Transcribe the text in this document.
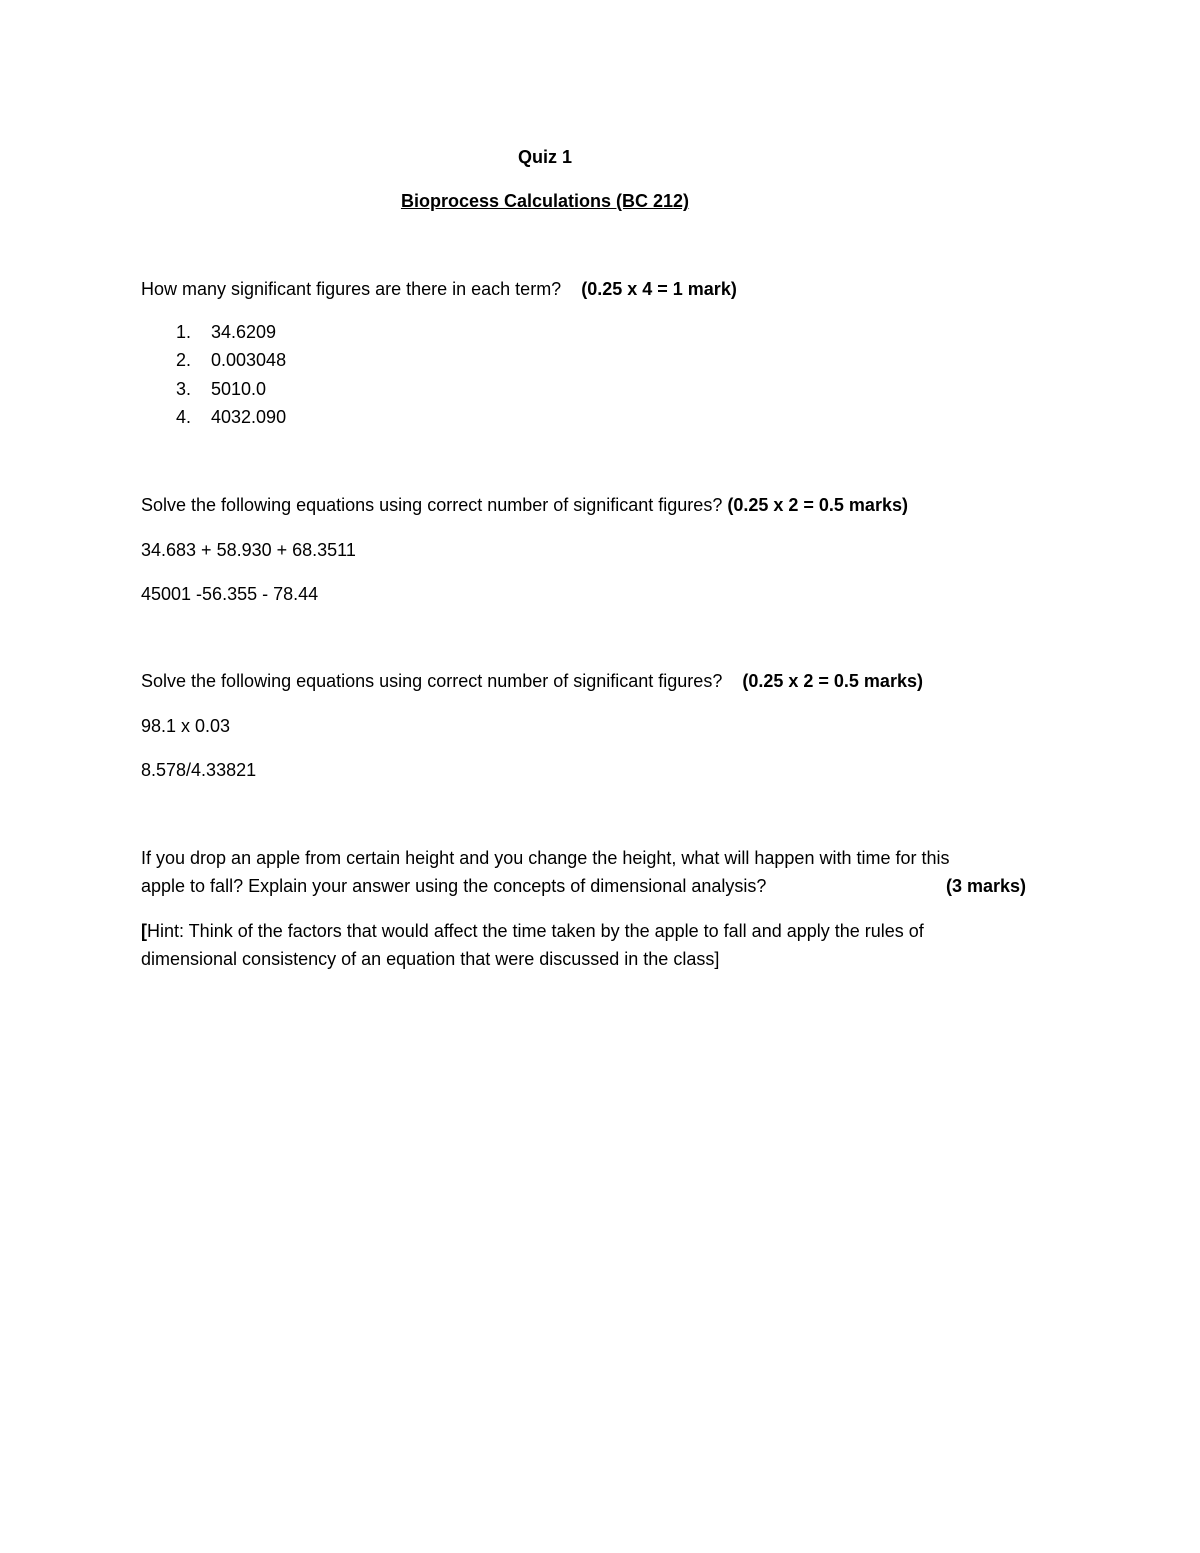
Quiz 1
Bioprocess Calculations (BC 212)
How many significant figures are there in each term? (0.25 x 4 = 1 mark)
1. 34.6209
2. 0.003048
3. 5010.0
4. 4032.090
Solve the following equations using correct number of significant figures? (0.25 x 2 = 0.5 marks)
34.683 + 58.930 + 68.3511
45001 -56.355 - 78.44
Solve the following equations using correct number of significant figures? (0.25 x 2 = 0.5 marks)
98.1 x 0.03
8.578/4.33821
If you drop an apple from certain height and you change the height, what will happen with time for this
apple to fall? Explain your answer using the concepts of dimensional analysis?	(3 marks)
[Hint: Think of the factors that would affect the time taken by the apple to fall and apply the rules of
dimensional consistency of an equation that were discussed in the class]
